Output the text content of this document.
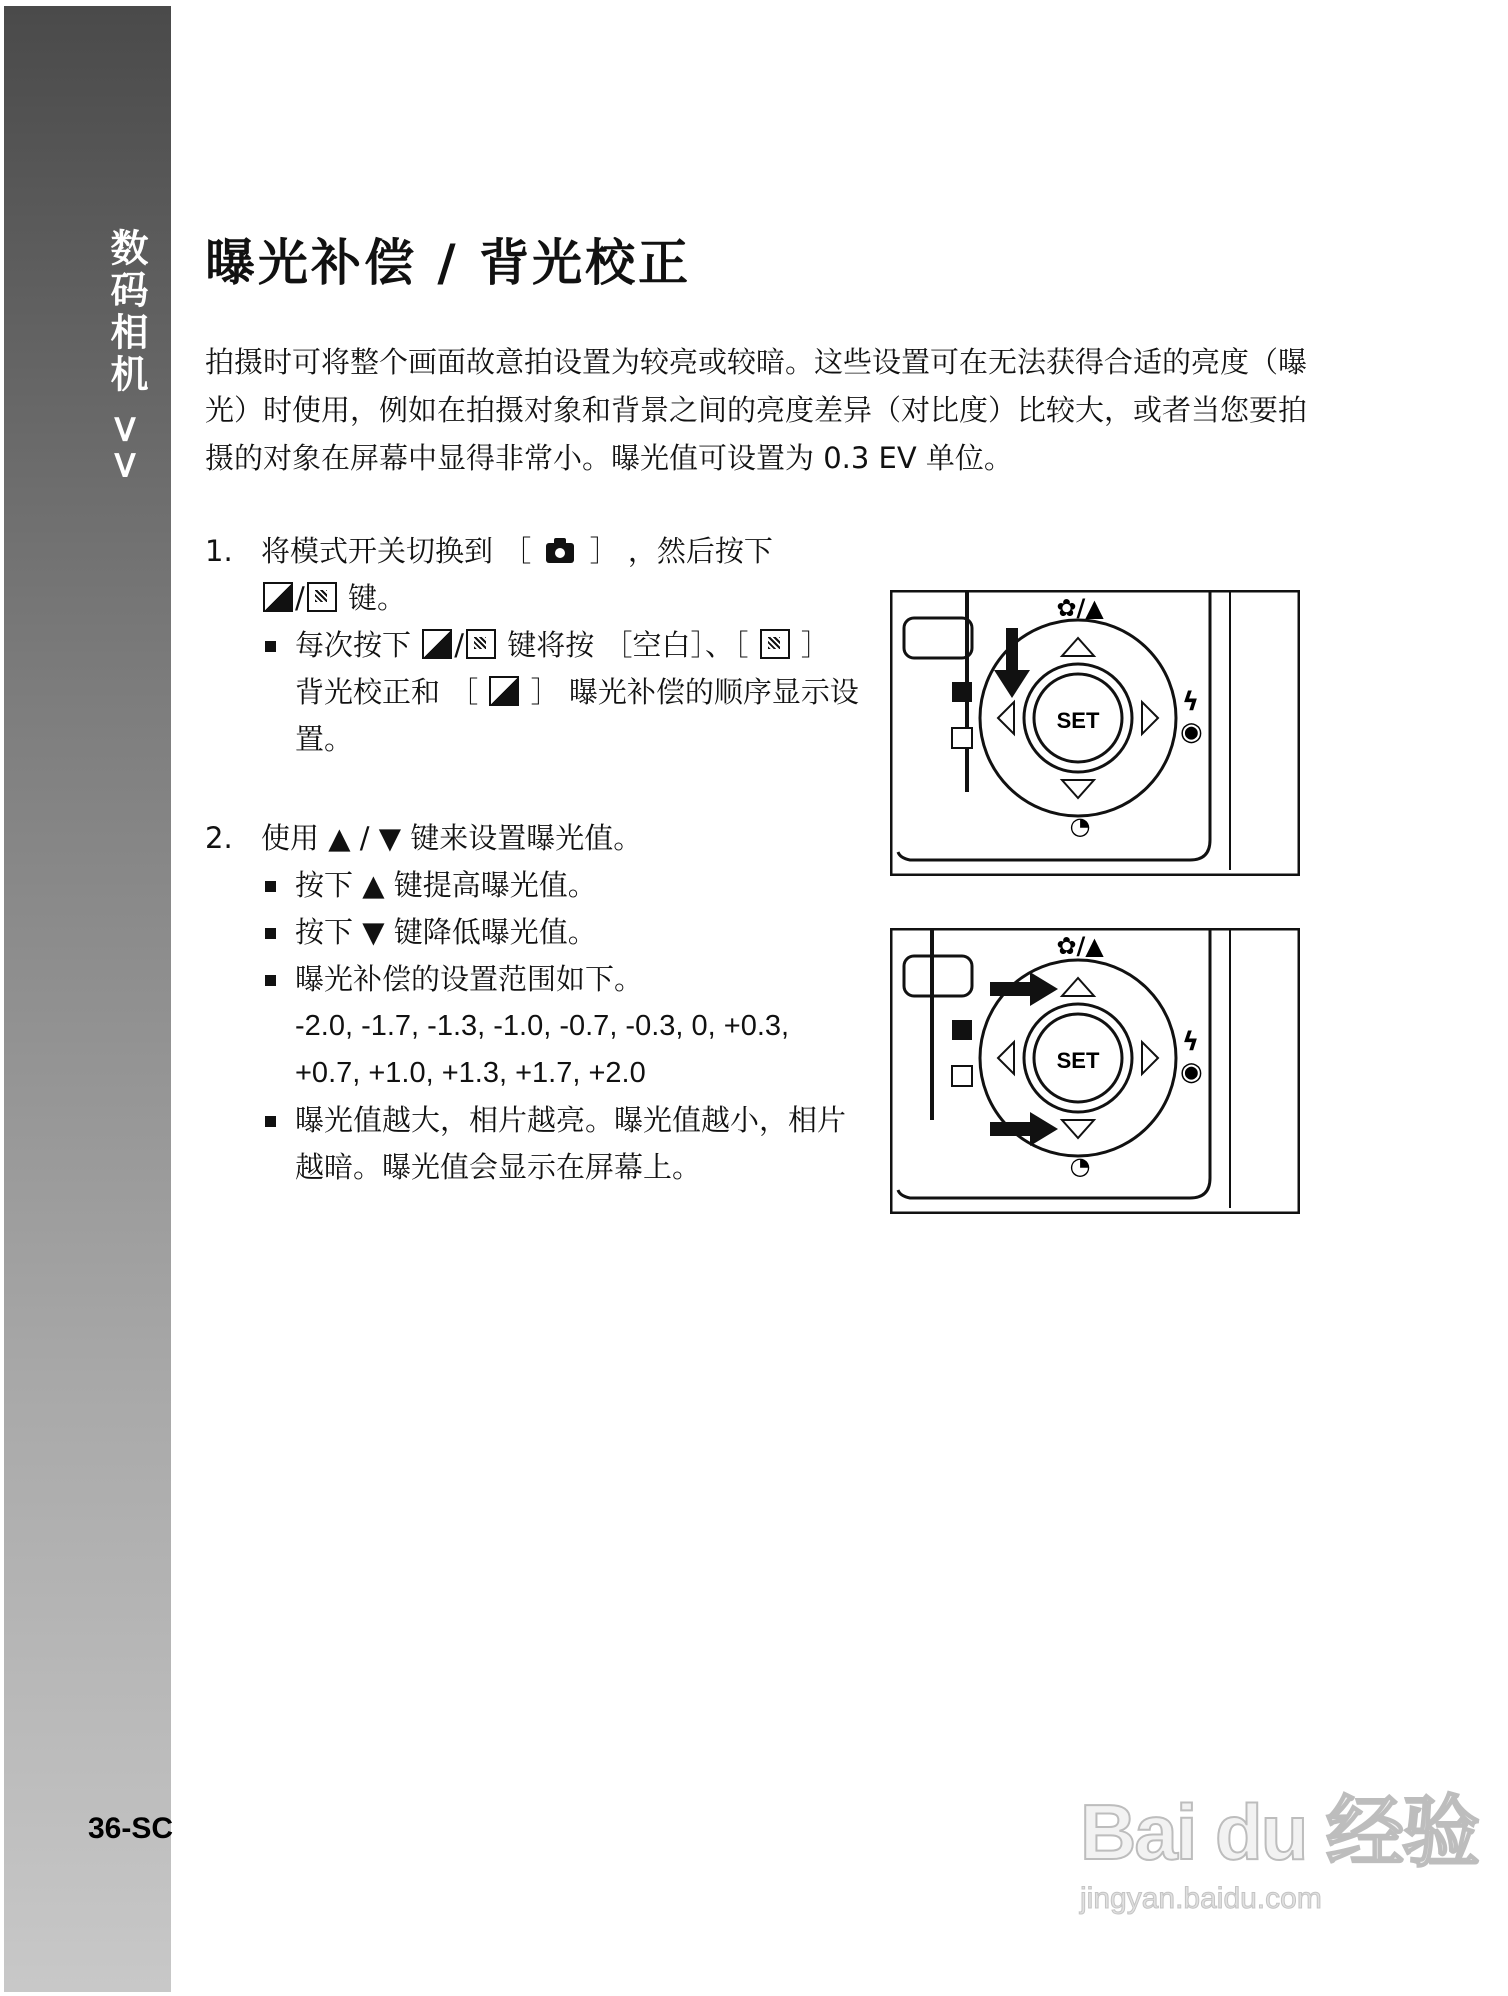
数码相机 >>
36-SC
曝光补偿 / 背光校正

拍摄时可将整个画面故意拍设置为较亮或较暗。这些设置可在无法获得合适的亮度（曝光）时使用，例如在拍摄对象和背景之间的亮度差异（对比度）比较大，或者当您要拍摄的对象在屏幕中显得非常小。曝光值可设置为 0.3 EV 单位。

1. 将模式开关切换到 ［ ］ ，然后按下
/ 键。
每次按下 / 键将按 ［空白］、［ ］ 背光校正和 ［ ］ 曝光补偿的顺序显示设置。
2. 使用 ▲ / ▼ 键来设置曝光值。
按下 ▲ 键提高曝光值。
按下 ▼ 键降低曝光值。
曝光补偿的设置范围如下。
-2.0, -1.7, -1.3, -1.0, -0.7, -0.3, 0, +0.3,
+0.7, +1.0, +1.3, +1.7, +2.0
曝光值越大，相片越亮。曝光值越小，相片越暗。曝光值会显示在屏幕上。
SET
✿/▲
◔
ϟ
◉
SET
✿/▲
◔
ϟ
◉
Bai du 经验
jingyan.baidu.com
